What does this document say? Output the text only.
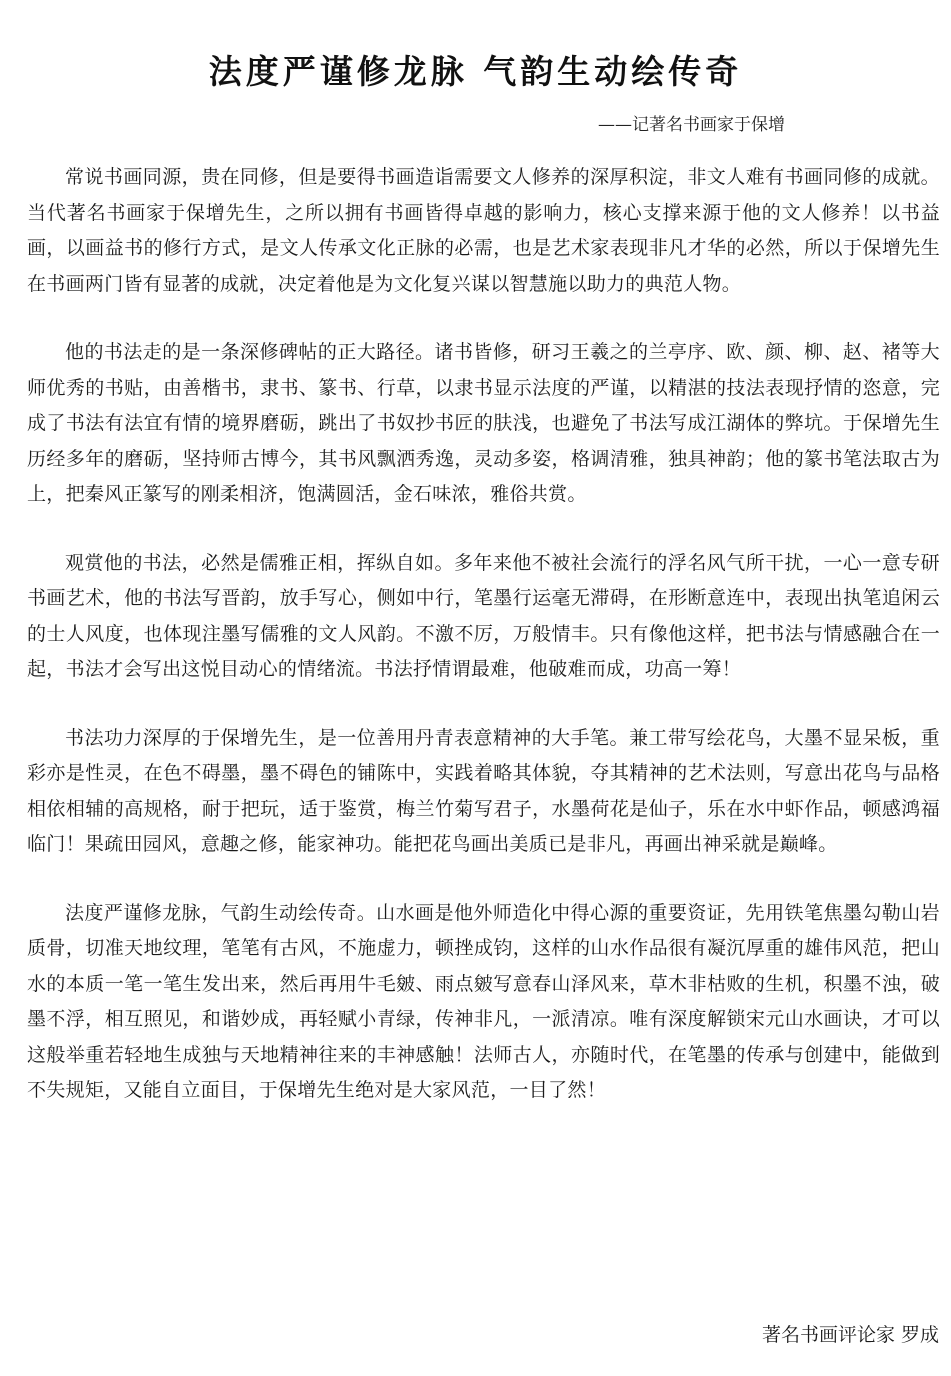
法度严谨修龙脉 气韵生动绘传奇
——记著名书画家于保增

常说书画同源，贵在同修，但是要得书画造诣需要文人修养的深厚积淀，非文人难有书画同修的成就。当代著名书画家于保增先生，之所以拥有书画皆得卓越的影响力，核心支撑来源于他的文人修养！以书益画，以画益书的修行方式，是文人传承文化正脉的必需，也是艺术家表现非凡才华的必然，所以于保增先生在书画两门皆有显著的成就，决定着他是为文化复兴谋以智慧施以助力的典范人物。

他的书法走的是一条深修碑帖的正大路径。诸书皆修，研习王羲之的兰亭序、欧、颜、柳、赵、褚等大师优秀的书贴，由善楷书，隶书、篆书、行草，以隶书显示法度的严谨，以精湛的技法表现抒情的恣意，完成了书法有法宜有情的境界磨砺，跳出了书奴抄书匠的肤浅，也避免了书法写成江湖体的弊坑。于保增先生历经多年的磨砺，坚持师古博今，其书风飘洒秀逸，灵动多姿，格调清雅，独具神韵；他的篆书笔法取古为上，把秦风正篆写的刚柔相济，饱满圆活，金石味浓，雅俗共赏。

观赏他的书法，必然是儒雅正相，挥纵自如。多年来他不被社会流行的浮名风气所干扰，一心一意专研书画艺术，他的书法写晋韵，放手写心，侧如中行，笔墨行运毫无滞碍，在形断意连中，表现出执笔追闲云的士人风度，也体现注墨写儒雅的文人风韵。不激不厉，万般情丰。只有像他这样，把书法与情感融合在一起，书法才会写出这悦目动心的情绪流。书法抒情谓最难，他破难而成，功高一筹！

书法功力深厚的于保增先生，是一位善用丹青表意精神的大手笔。兼工带写绘花鸟，大墨不显呆板，重彩亦是性灵，在色不碍墨，墨不碍色的铺陈中，实践着略其体貌，夺其精神的艺术法则，写意出花鸟与品格相依相辅的高规格，耐于把玩，适于鉴赏，梅兰竹菊写君子，水墨荷花是仙子，乐在水中虾作品，顿感鸿福临门！果疏田园风，意趣之修，能家神功。能把花鸟画出美质已是非凡，再画出神采就是巅峰。

法度严谨修龙脉，气韵生动绘传奇。山水画是他外师造化中得心源的重要资证，先用铁笔焦墨勾勒山岩质骨，切准天地纹理，笔笔有古风，不施虚力，顿挫成钧，这样的山水作品很有凝沉厚重的雄伟风范，把山水的本质一笔一笔生发出来，然后再用牛毛皴、雨点皴写意春山泽风来，草木非枯败的生机，积墨不浊，破墨不浮，相互照见，和谐妙成，再轻赋小青绿，传神非凡，一派清凉。唯有深度解锁宋元山水画诀，才可以这般举重若轻地生成独与天地精神往来的丰神感触！法师古人，亦随时代，在笔墨的传承与创建中，能做到不失规矩，又能自立面目，于保增先生绝对是大家风范，一目了然！

著名书画评论家 罗成
